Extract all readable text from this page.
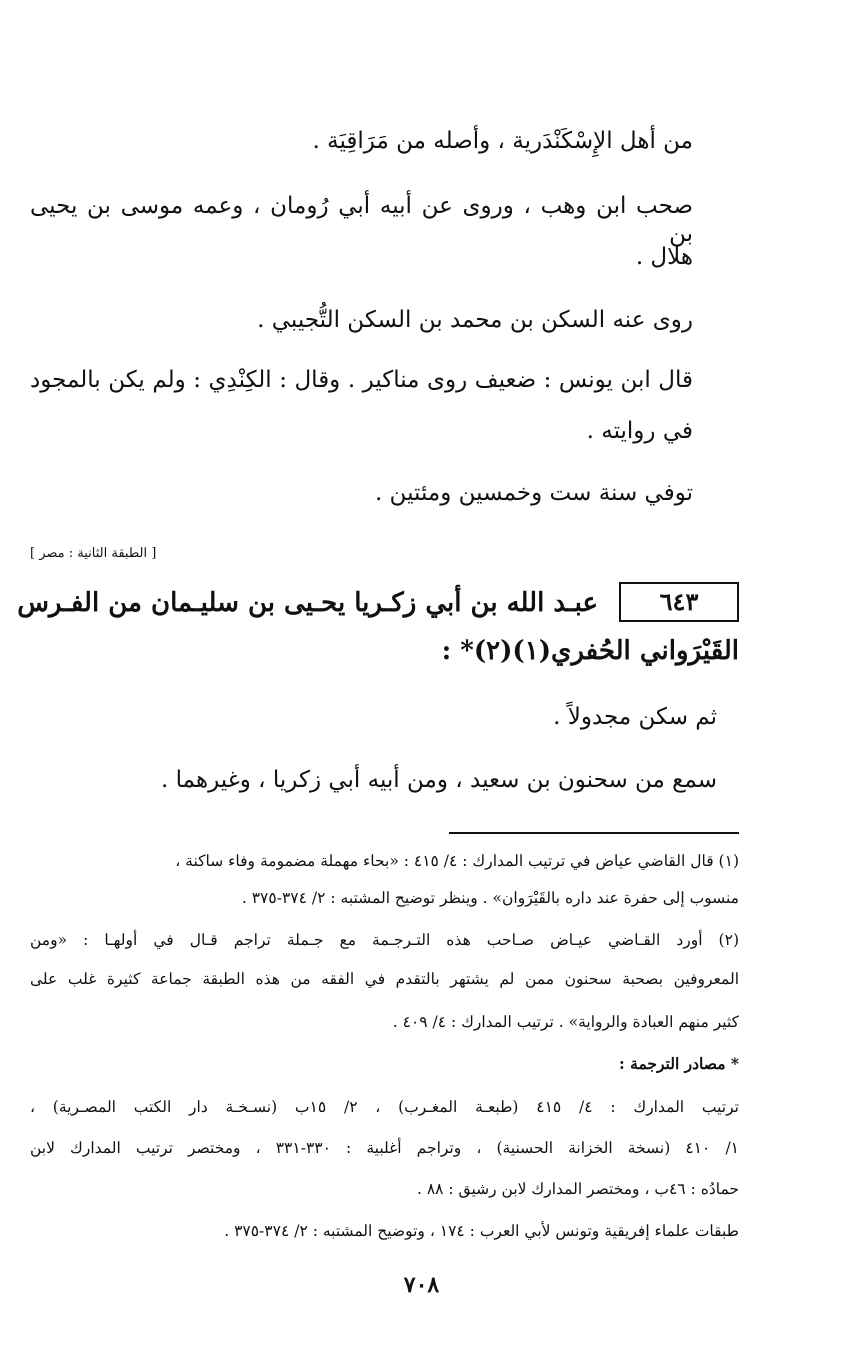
من أهل الإِسْكَنْدَرية ، وأصله من مَرَاقِيَة .
صحب ابن وهب ، وروى عن أبيه أبي رُومان ، وعمه موسى بن يحيى بن
هلال .
روى عنه السكن بن محمد بن السكن التُّجيبي .
قال ابن يونس : ضعيف روى مناكير . وقال : الكِنْدِي : ولم يكن بالمجود
في روايته .
توفي سنة ست وخمسين ومئتين .
[ الطبقة الثانية : مصر ]
٦٤٣
عبـد الله بن أبي زكـريا يحـيى بن سليـمان من الفـرس
القَيْرَواني الحُفري(١)(٢)* :
ثم سكن مجدولاً .
سمع من سحنون بن سعيد ، ومن أبيه أبي زكريا ، وغيرهما .
(١) قال القاضي عياض في ترتيب المدارك : ٤/ ٤١٥ : «بحاء مهملة مضمومة وفاء ساكنة ،
منسوب إلى حفرة عند داره بالقَيْرَوان» . وينظر توضيح المشتبه : ٢/ ٣٧٤-٣٧٥ .
(٢) أورد القـاضي عيـاض صـاحب هذه التـرجـمة مع جـملة تراجم قـال في أولهـا : «ومن
المعروفين بصحبة سحنون ممن لم يشتهر بالتقدم في الفقه من هذه الطبقة جماعة كثيرة غلب على
كثير منهم العبادة والرواية» . ترتيب المدارك : ٤/ ٤٠٩ .
* مصادر الترجمة :
ترتيب المدارك : ٤/ ٤١٥ (طبعـة المغـرب) ، ٢/ ١٥ب (نسـخـة دار الكتب المصـرية) ،
١/ ٤١٠ (نسخة الخزانة الحسنية) ، وتراجم أغلبية : ٣٣٠-٣٣١ ، ومختصر ترتيب المدارك لابن
حمادُه : ٤٦ب ، ومختصر المدارك لابن رشيق : ٨٨ .
طبقات علماء إفريقية وتونس لأبي العرب : ١٧٤ ، وتوضيح المشتبه : ٢/ ٣٧٤-٣٧٥ .
٧٠٨
